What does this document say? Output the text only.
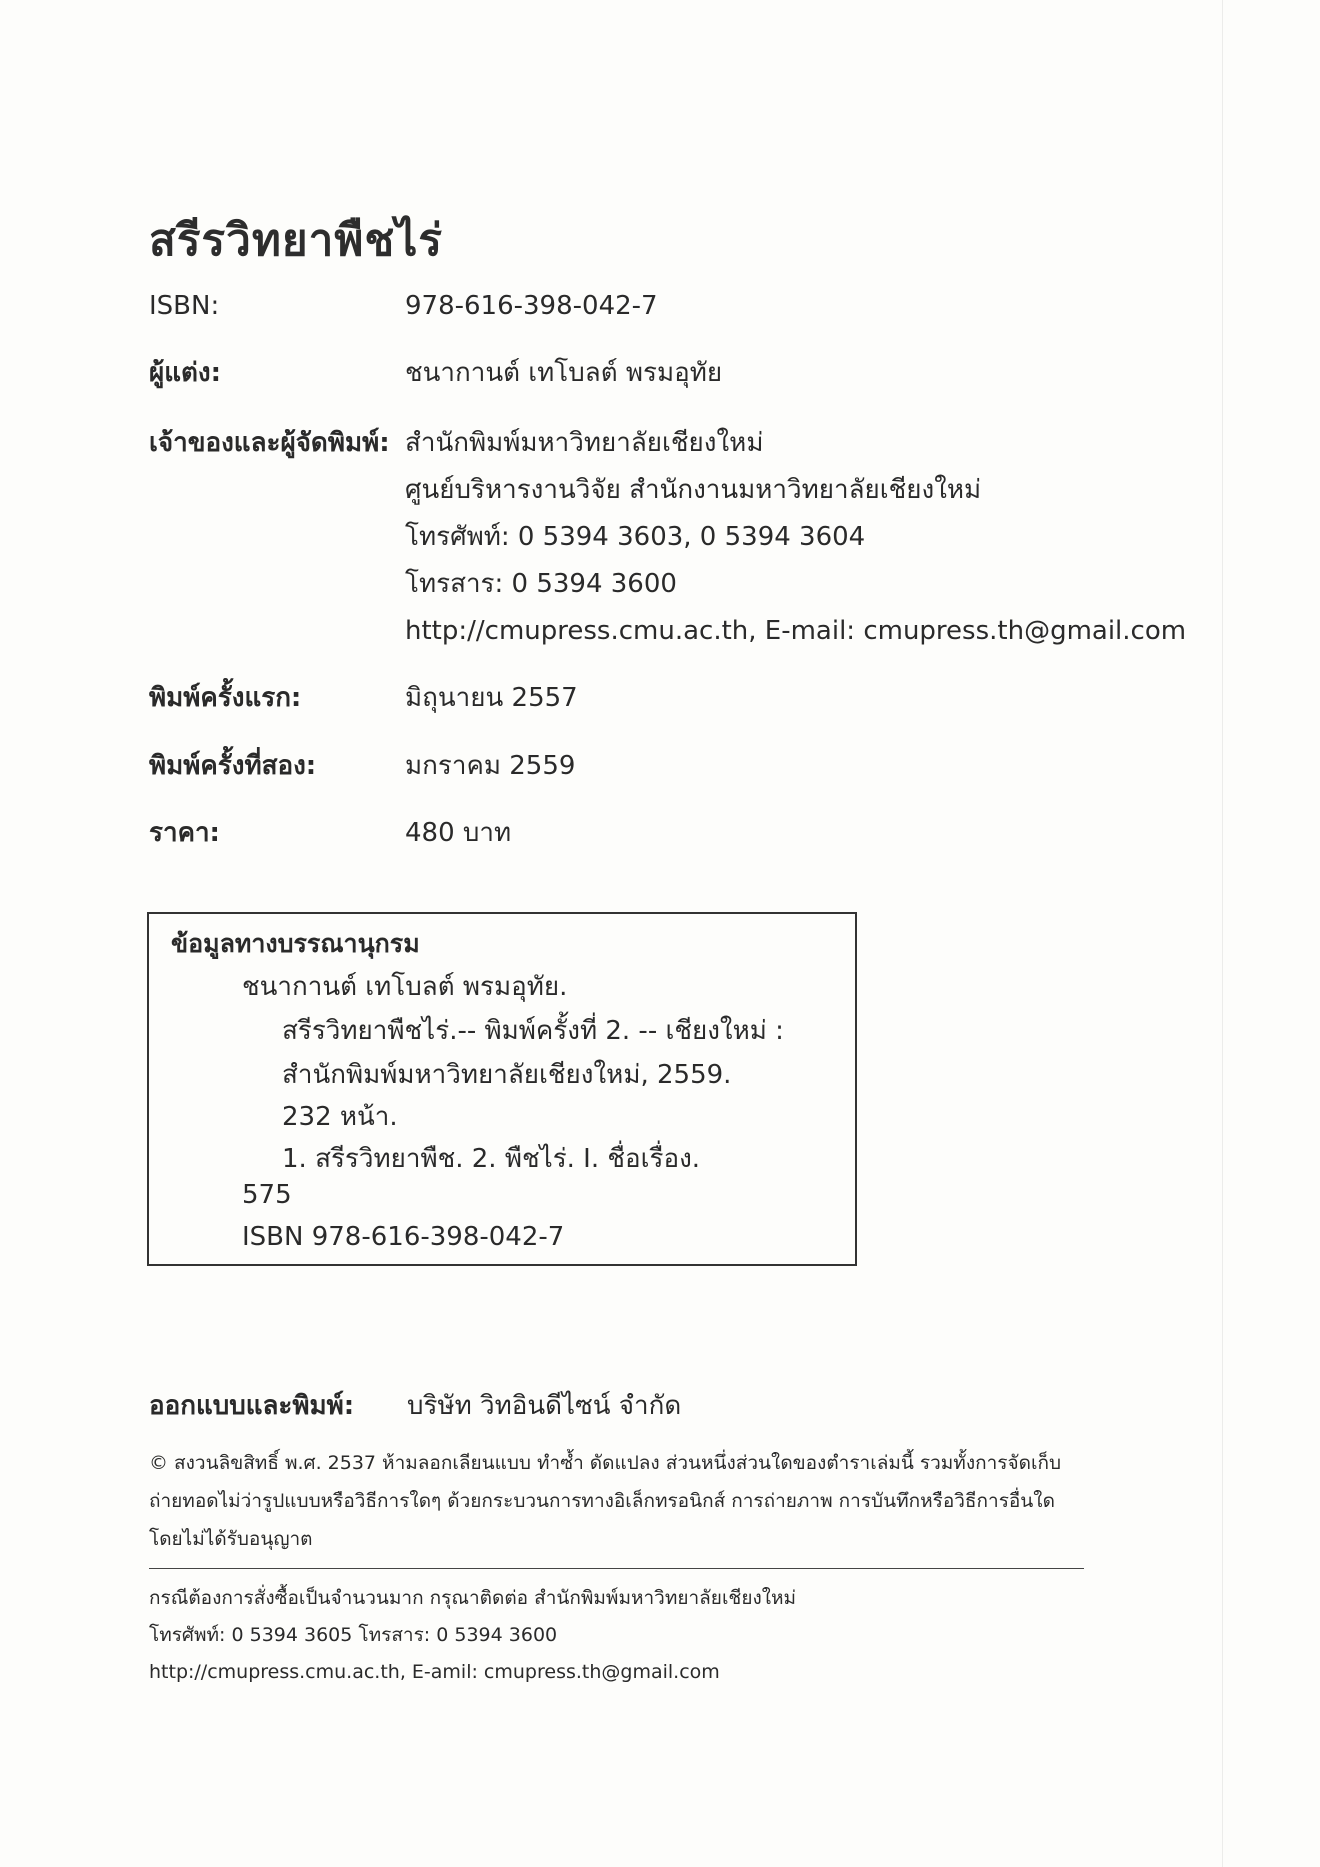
สรีรวิทยาพืชไร่
ISBN:	978-616-398-042-7
ผู้แต่ง:	ชนากานต์ เทโบลต์ พรมอุทัย
เจ้าของและผู้จัดพิมพ์: สำนักพิมพ์มหาวิทยาลัยเชียงใหม่
ศูนย์บริหารงานวิจัย สำนักงานมหาวิทยาลัยเชียงใหม่
โทรศัพท์: 0 5394 3603, 0 5394 3604
โทรสาร: 0 5394 3600
http://cmupress.cmu.ac.th, E-mail: cmupress.th@gmail.com
พิมพ์ครั้งแรก:	มิถุนายน 2557
พิมพ์ครั้งที่สอง:	มกราคม 2559
ราคา:	480 บาท
ข้อมูลทางบรรณานุกรม
ชนากานต์ เทโบลต์ พรมอุทัย.
สรีรวิทยาพืชไร่.-- พิมพ์ครั้งที่ 2. -- เชียงใหม่ :
สำนักพิมพ์มหาวิทยาลัยเชียงใหม่, 2559.
232 หน้า.
1. สรีรวิทยาพืช. 2. พืชไร่. I. ชื่อเรื่อง.
575
ISBN 978-616-398-042-7
ออกแบบและพิมพ์: บริษัท วิทอินดีไซน์ จำกัด
© สงวนลิขสิทธิ์ พ.ศ. 2537 ห้ามลอกเลียนแบบ ทำซ้ำ ดัดแปลง ส่วนหนึ่งส่วนใดของตำราเล่มนี้ รวมทั้งการจัดเก็บ ถ่ายทอดไม่ว่ารูปแบบหรือวิธีการใดๆ ด้วยกระบวนการทางอิเล็กทรอนิกส์ การถ่ายภาพ การบันทึกหรือวิธีการอื่นใดโดยไม่ได้รับอนุญาต
กรณีต้องการสั่งซื้อเป็นจำนวนมาก กรุณาติดต่อ สำนักพิมพ์มหาวิทยาลัยเชียงใหม่
โทรศัพท์: 0 5394 3605 โทรสาร: 0 5394 3600
http://cmupress.cmu.ac.th, E-amil: cmupress.th@gmail.com
